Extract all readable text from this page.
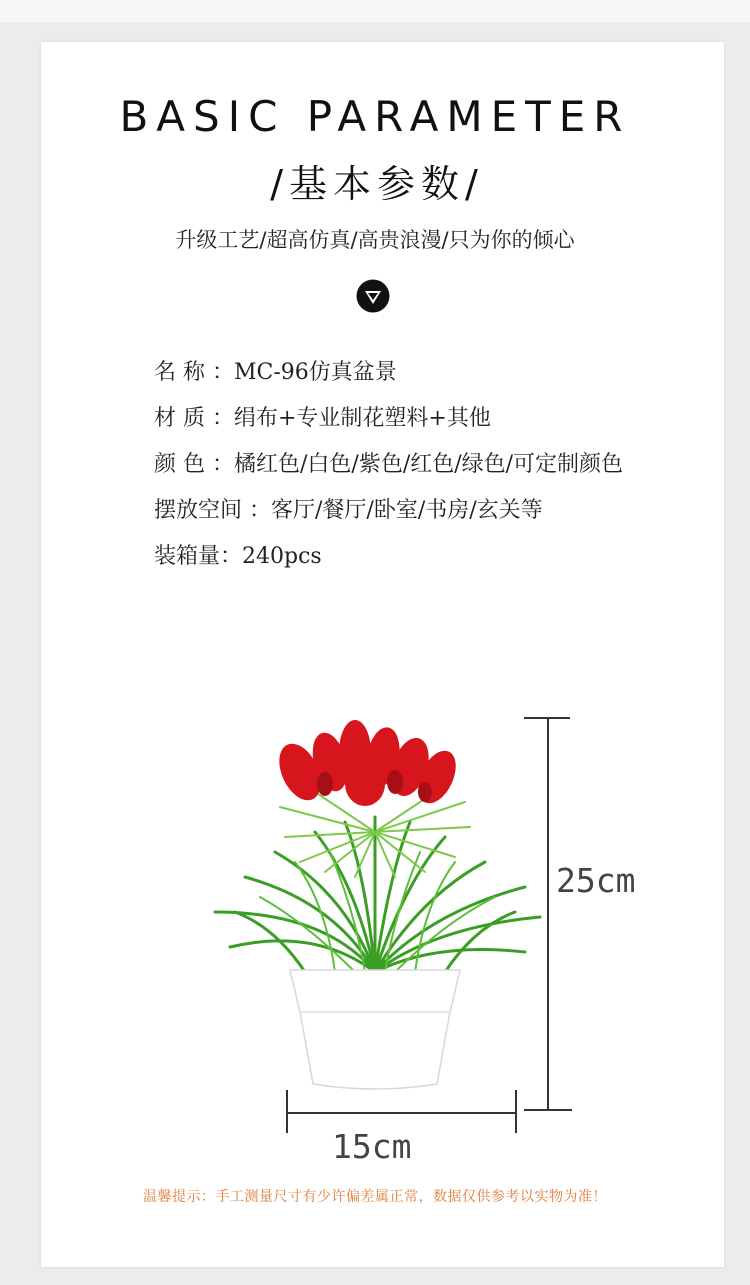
BASIC PARAMETER
/基本参数/
升级工艺/超高仿真/高贵浪漫/只为你的倾心
名 称 ：MC-96仿真盆景
材 质 ：绢布+专业制花塑料+其他
颜 色 ：橘红色/白色/紫色/红色/绿色/可定制颜色
摆放空间 ：客厅/餐厅/卧室/书房/玄关等
装箱量：240pcs
25cm
15cm
温馨提示：手工测量尺寸有少许偏差属正常，数据仅供参考以实物为准！
